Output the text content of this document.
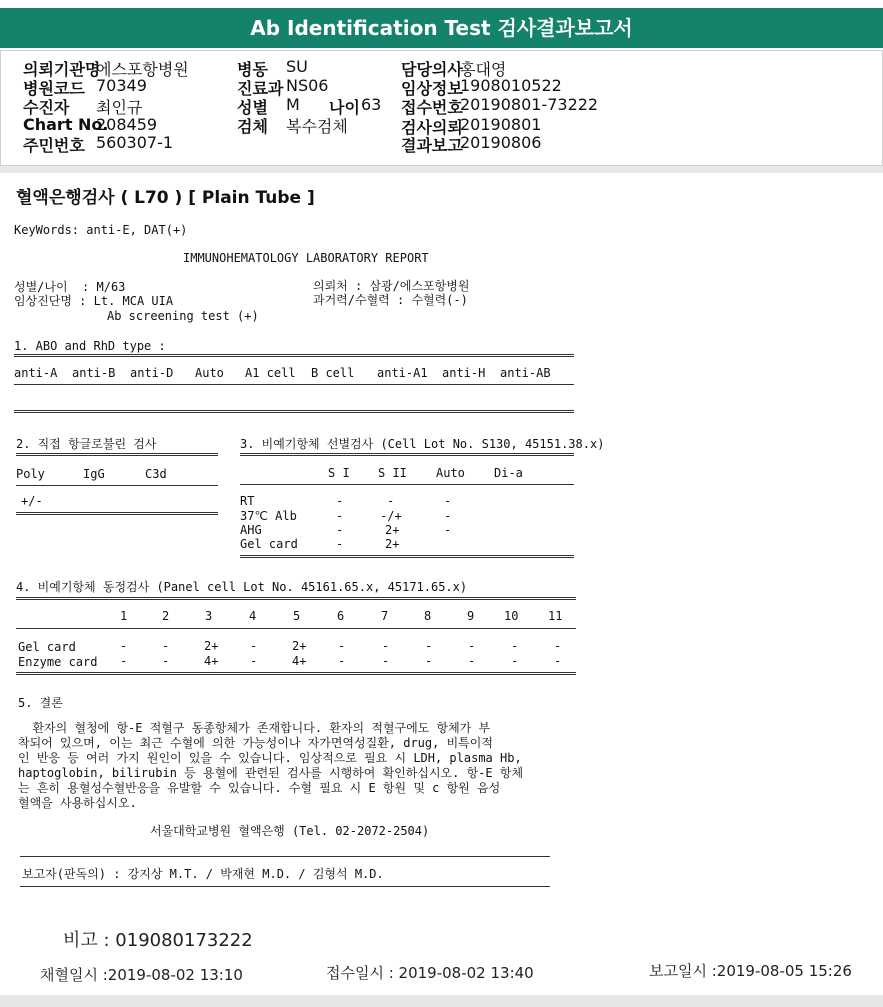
Ab Identification Test 검사결과보고서
의뢰기관명
에스포항병원
병원코드 70349
수진자 최인규
Chart No.
208459
주민번호 560307-1
병동 SU
진료과 NS06
성별 M 나이 63
검체 복수검체
담당의사
홍대영
임상정보
1908010522
접수번호
20190801-73222
검사의뢰
20190801
결과보고
20190806
혈액은행검사 ( L70 ) [ Plain Tube ]
KeyWords: anti-E, DAT(+)
IMMUNOHEMATOLOGY LABORATORY REPORT
성별/나이  : M/63
임상진단명 : Lt. MCA UIA
Ab screening test (+)
의뢰처 : 삼광/에스포항병원
과거력/수혈력 : 수혈력(-)
1. ABO and RhD type :
anti-A anti-B anti-D Auto A1 cell B cell anti-A1 anti-H anti-AB
2. 직접 항글로불린 검사
Poly	IgG	C3d
+/-
3. 비예기항체 선별검사 (Cell Lot No. S130, 45151.38.x)
S I S II Auto Di-a
RT	-	-	-
37℃ Alb	-	-/+	-
AHG	-	2+	-
Gel card	-	2+
4. 비예기항체 동정검사 (Panel cell Lot No. 45161.65.x, 45171.65.x)
1	2	3	4	5	6	7	8	9 10 11
Gel card	-	-	2+	-	2+	-	-	-	-	-	-
Enzyme card -	-	4+	-	4+	-	-	-	-	-	-
5. 결론
환자의 혈청에 항-E 적혈구 동종항체가 존재합니다. 환자의 적혈구에도 항체가 부
착되어 있으며, 이는 최근 수혈에 의한 가능성이나 자가면역성질환, drug, 비특이적
인 반응 등 여러 가지 원인이 있을 수 있습니다. 임상적으로 필요 시 LDH, plasma Hb,
haptoglobin, bilirubin 등 용혈에 관련된 검사를 시행하여 확인하십시오. 항-E 항체
는 흔히 용혈성수혈반응을 유발할 수 있습니다. 수혈 필요 시 E 항원 및 c 항원 음성
혈액을 사용하십시오.
서울대학교병원 혈액은행 (Tel. 02-2072-2504)
보고자(판독의) : 강지상 M.T. / 박재현 M.D. / 김형석 M.D.
비고 : 019080173222
채혈일시 :2019-08-02 13:10	접수일시 : 2019-08-02 13:40	보고일시 :2019-08-05 15:26
